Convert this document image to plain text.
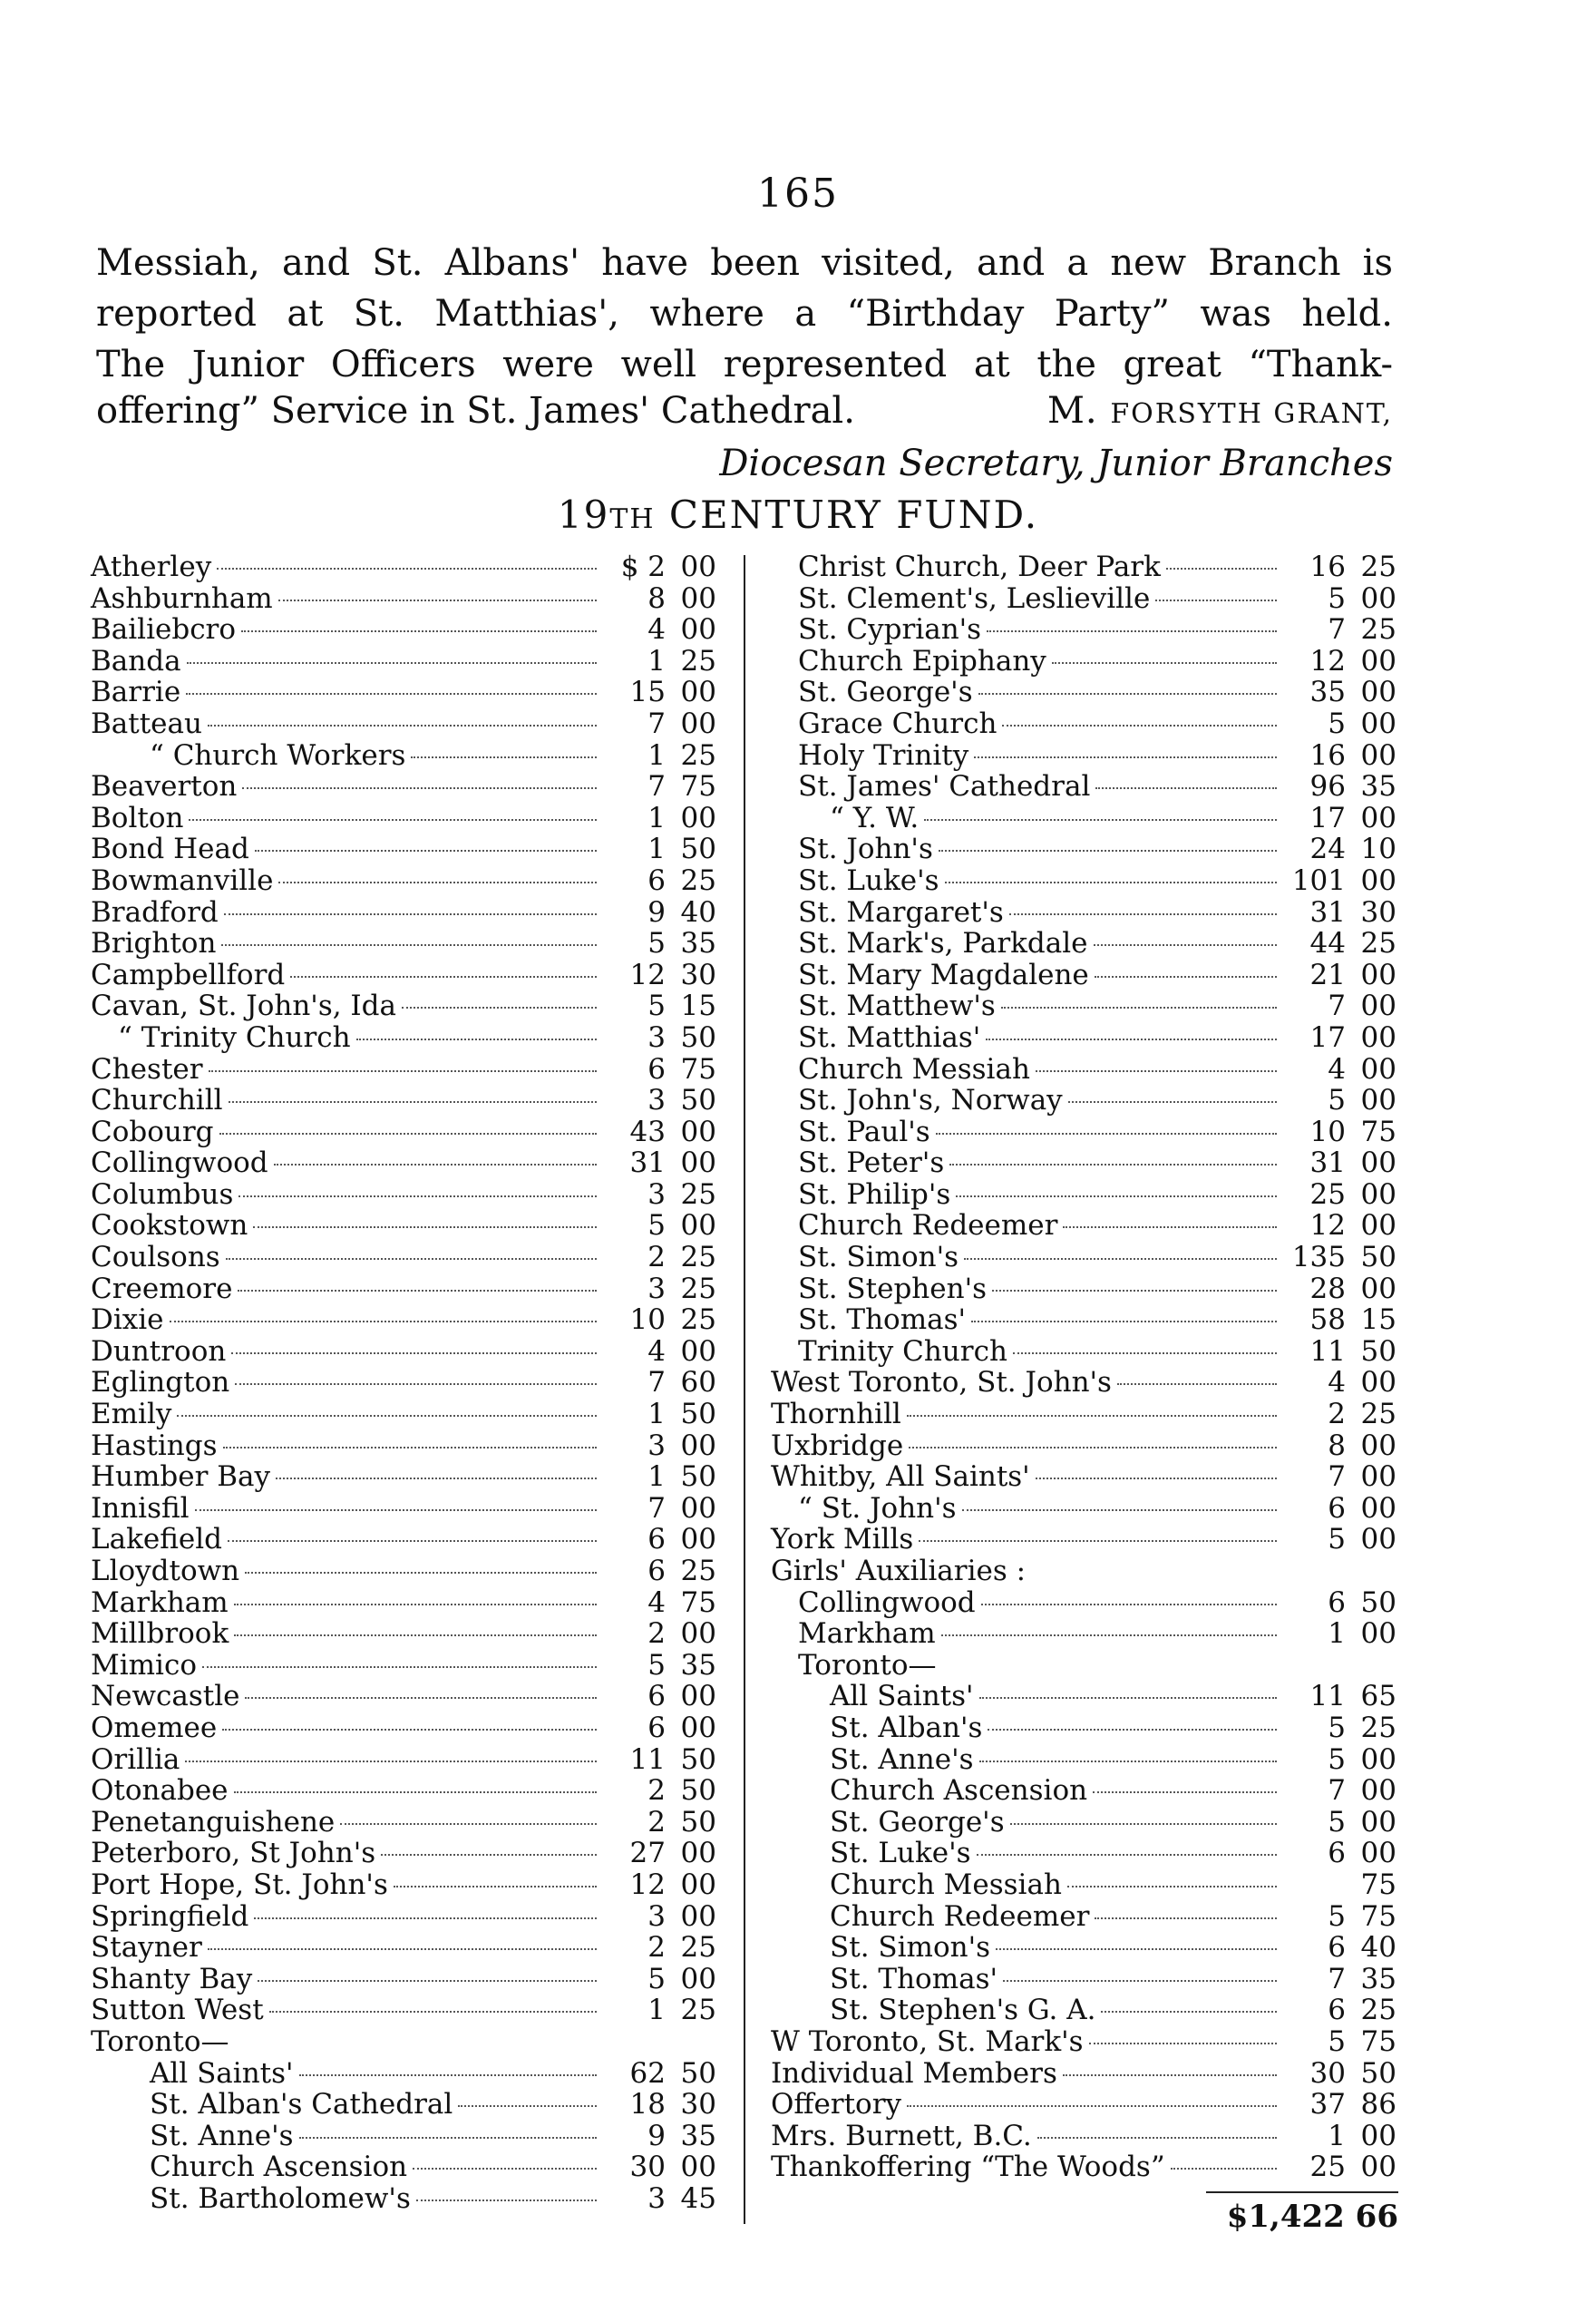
165
Messiah, and St. Albans' have been visited, and a new Branch is
reported at St. Matthias', where a “Birthday Party” was held.
The Junior Officers were well represented at the great “Thank-
offering” Service in St. James' Cathedral.	M. FORSYTH GRANT,
Diocesan Secretary, Junior Branches
19TH CENTURY FUND.
Atherley	$ 2 00
Ashburnham	8 00
Bailiebcro	4 00
Banda	1 25
Barrie	15 00
Batteau	7 00
“ Church Workers	1 25
Beaverton	7 75
Bolton	1 00
Bond Head	1 50
Bowmanville	6 25
Bradford	9 40
Brighton	5 35
Campbellford	12 30
Cavan, St. John's, Ida	5 15
“ Trinity Church	3 50
Chester	6 75
Churchill	3 50
Cobourg	43 00
Collingwood	31 00
Columbus	3 25
Cookstown	5 00
Coulsons	2 25
Creemore	3 25
Dixie	10 25
Duntroon	4 00
Eglington	7 60
Emily	1 50
Hastings	3 00
Humber Bay	1 50
Innisfil	7 00
Lakefield	6 00
Lloydtown	6 25
Markham	4 75
Millbrook	2 00
Mimico	5 35
Newcastle	6 00
Omemee	6 00
Orillia	11 50
Otonabee	2 50
Penetanguishene	2 50
Peterboro, St John's	27 00
Port Hope, St. John's	12 00
Springfield	3 00
Stayner	2 25
Shanty Bay	5 00
Sutton West	1 25
Toronto—
All Saints'	62 50
St. Alban's Cathedral	18 30
St. Anne's	9 35
Church Ascension	30 00
St. Bartholomew's	3 45
Christ Church, Deer Park	16 25
St. Clement's, Leslieville	5 00
St. Cyprian's	7 25
Church Epiphany	12 00
St. George's	35 00
Grace Church	5 00
Holy Trinity	16 00
St. James' Cathedral	96 35
“ Y. W.	17 00
St. John's	24 10
St. Luke's	101 00
St. Margaret's	31 30
St. Mark's, Parkdale	44 25
St. Mary Magdalene	21 00
St. Matthew's	7 00
St. Matthias'	17 00
Church Messiah	4 00
St. John's, Norway	5 00
St. Paul's	10 75
St. Peter's	31 00
St. Philip's	25 00
Church Redeemer	12 00
St. Simon's	135 50
St. Stephen's	28 00
St. Thomas'	58 15
Trinity Church	11 50
West Toronto, St. John's	4 00
Thornhill	2 25
Uxbridge	8 00
Whitby, All Saints'	7 00
“ St. John's	6 00
York Mills	5 00
Girls' Auxiliaries :
Collingwood	6 50
Markham	1 00
Toronto—
All Saints'	11 65
St. Alban's	5 25
St. Anne's	5 00
Church Ascension	7 00
St. George's	5 00
St. Luke's	6 00
Church Messiah	75
Church Redeemer	5 75
St. Simon's	6 40
St. Thomas'	7 35
St. Stephen's G. A.	6 25
W Toronto, St. Mark's	5 75
Individual Members	30 50
Offertory	37 86
Mrs. Burnett, B.C.	1 00
Thankoffering “The Woods”	25 00
$1,422 66
